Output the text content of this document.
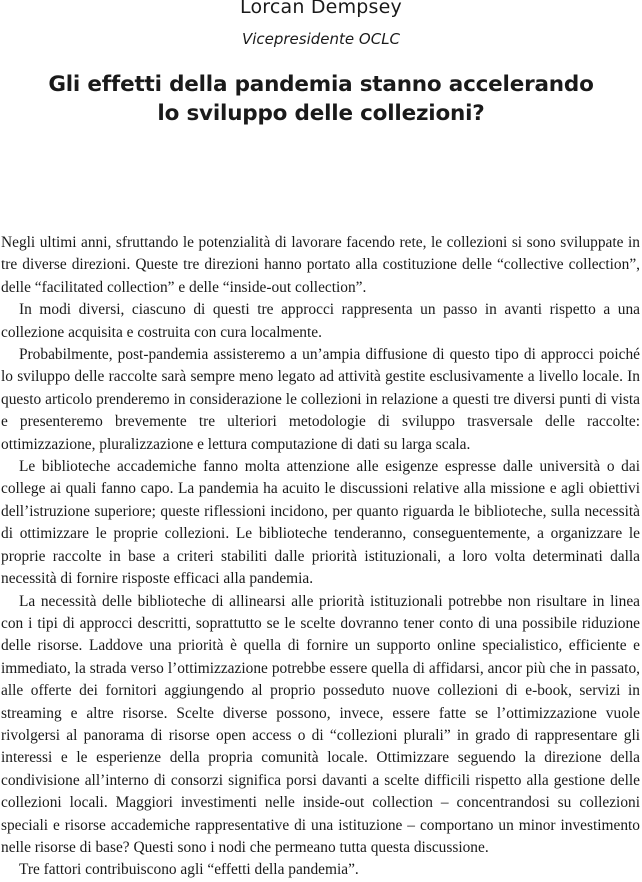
Lorcan Dempsey
Vicepresidente OCLC
Gli effetti della pandemia stanno accelerando
lo sviluppo delle collezioni?

Negli ultimi anni, sfruttando le potenzialità di lavorare facendo rete, le collezioni si sono sviluppate in tre diverse direzioni. Queste tre direzioni hanno portato alla costituzione delle “collective collection”, delle “facilitated collection” e delle “inside-out collection”.

In modi diversi, ciascuno di questi tre approcci rappresenta un passo in avanti rispetto a una collezione acquisita e costruita con cura localmente.

Probabilmente, post-pandemia assisteremo a un’ampia diffusione di questo tipo di approcci poiché lo sviluppo delle raccolte sarà sempre meno legato ad attività gestite esclusivamente a livello locale. In questo articolo prenderemo in considerazione le collezioni in relazione a questi tre diversi punti di vista e presenteremo brevemente tre ulteriori metodologie di sviluppo trasversale delle raccolte: ottimizzazione, pluralizzazione e lettura computazione di dati su larga scala.

Le biblioteche accademiche fanno molta attenzione alle esigenze espresse dalle università o dai college ai quali fanno capo. La pandemia ha acuito le discussioni relative alla missione e agli obiettivi dell’istruzione superiore; queste riflessioni incidono, per quanto riguarda le biblioteche, sulla necessità di ottimizzare le proprie collezioni. Le biblioteche tenderanno, conseguentemente, a organizzare le proprie raccolte in base a criteri stabiliti dalle priorità istituzionali, a loro volta determinati dalla necessità di fornire risposte efficaci alla pandemia.

La necessità delle biblioteche di allinearsi alle priorità istituzionali potrebbe non risultare in linea con i tipi di approcci descritti, soprattutto se le scelte dovranno tener conto di una possibile riduzione delle risorse. Laddove una priorità è quella di fornire un supporto online specialistico, efficiente e immediato, la strada verso l’ottimizzazione potrebbe essere quella di affidarsi, ancor più che in passato, alle offerte dei fornitori aggiungendo al proprio posseduto nuove collezioni di e-book, servizi in streaming e altre risorse. Scelte diverse possono, invece, essere fatte se l’ottimizzazione vuole rivolgersi al panorama di risorse open access o di “collezioni plurali” in grado di rappresentare gli interessi e le esperienze della propria comunità locale. Ottimizzare seguendo la direzione della condivisione all’interno di consorzi significa porsi davanti a scelte difficili rispetto alla gestione delle collezioni locali. Maggiori investimenti nelle inside-out collection – concentrandosi su collezioni speciali e risorse accademiche rappresentative di una istituzione – comportano un minor investimento nelle risorse di base? Questi sono i nodi che permeano tutta questa discussione.

Tre fattori contribuiscono agli “effetti della pandemia”.
